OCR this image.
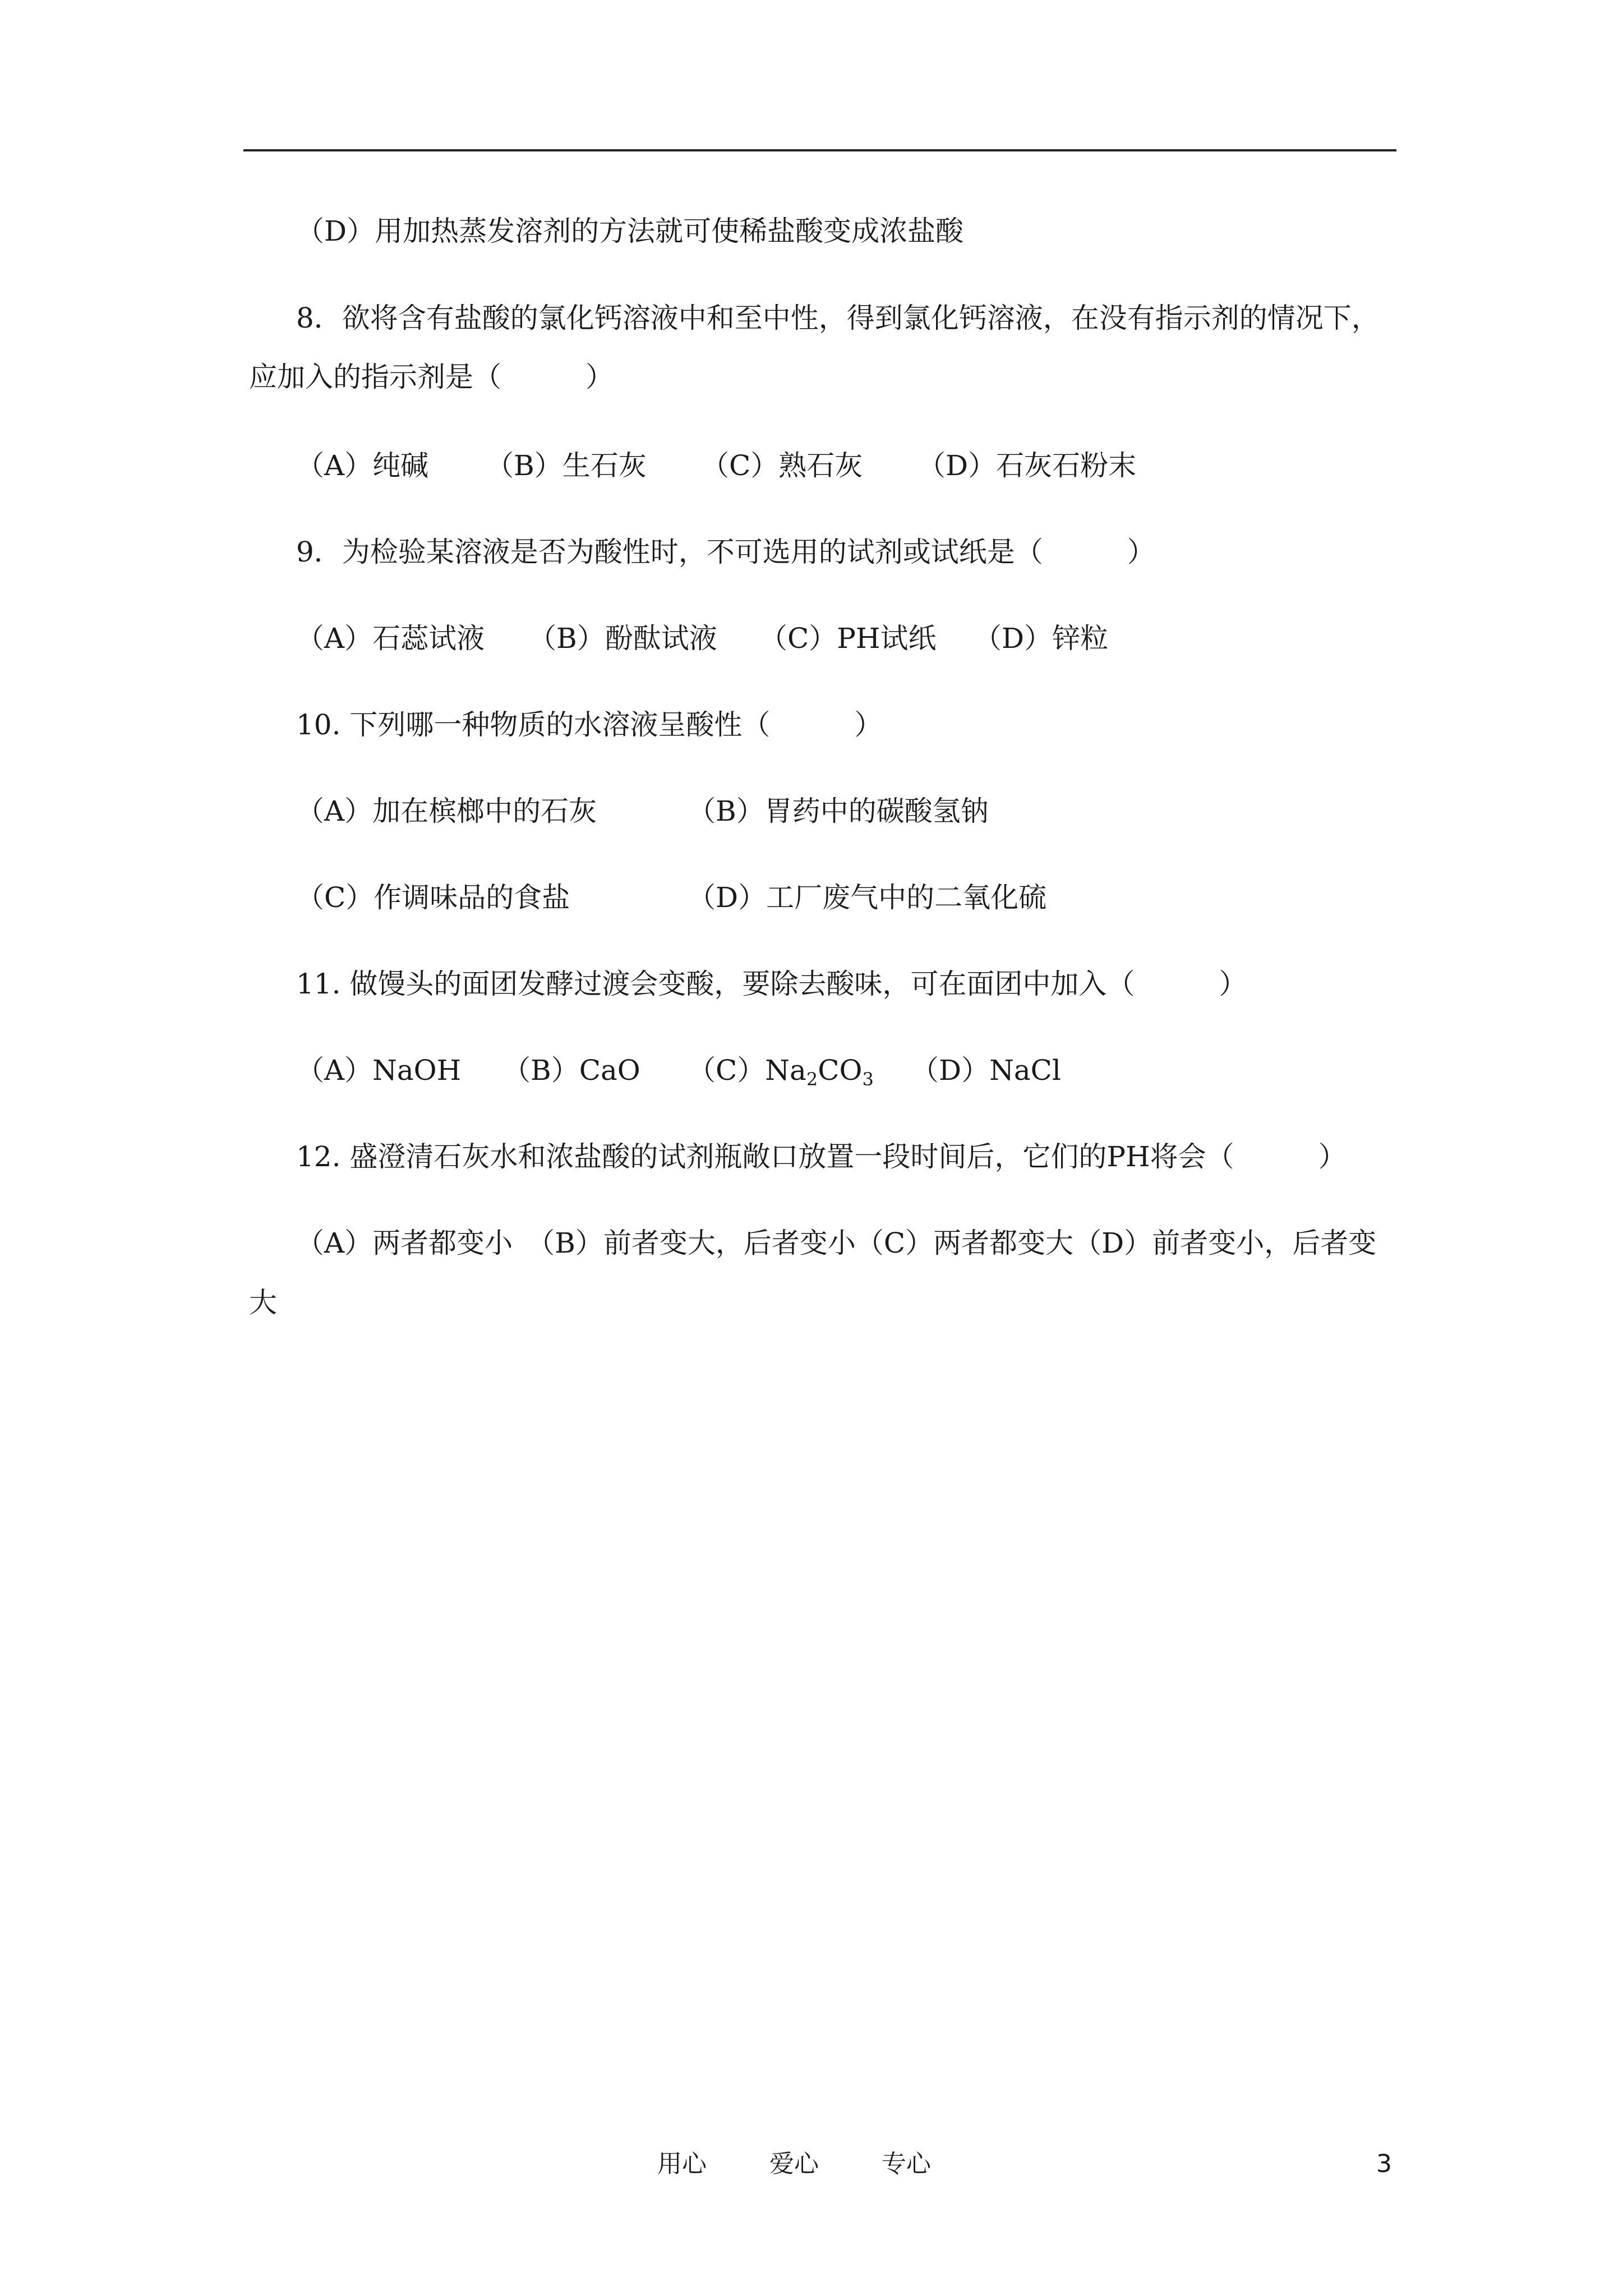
（D）用加热蒸发溶剂的方法就可使稀盐酸变成浓盐酸
8．欲将含有盐酸的氯化钙溶液中和至中性，得到氯化钙溶液，在没有指示剂的情况下，
应加入的指示剂是（　　　）
（A）纯碱 （B）生石灰 （C）熟石灰 （D）石灰石粉末
9．为检验某溶液是否为酸性时，不可选用的试剂或试纸是（　　　）
（A）石蕊试液 （B）酚酞试液 （C）PH试纸 （D）锌粒
10. 下列哪一种物质的水溶液呈酸性（　　　）
（A）加在槟榔中的石灰	（B）胃药中的碳酸氢钠
（C）作调味品的食盐	（D）工厂废气中的二氧化硫
11. 做馒头的面团发酵过渡会变酸，要除去酸味，可在面团中加入（　　　）
（A）NaOH （B）CaO $(C)Na_2CO_3$ （D）NaCl
12. 盛澄清石灰水和浓盐酸的试剂瓶敞口放置一段时间后，它们的PH将会（　　　）
（A）两者都变小　（B）前者变大，后者变小（C）两者都变大（D）前者变小，后者变
大
用心	爱心	专心	3
